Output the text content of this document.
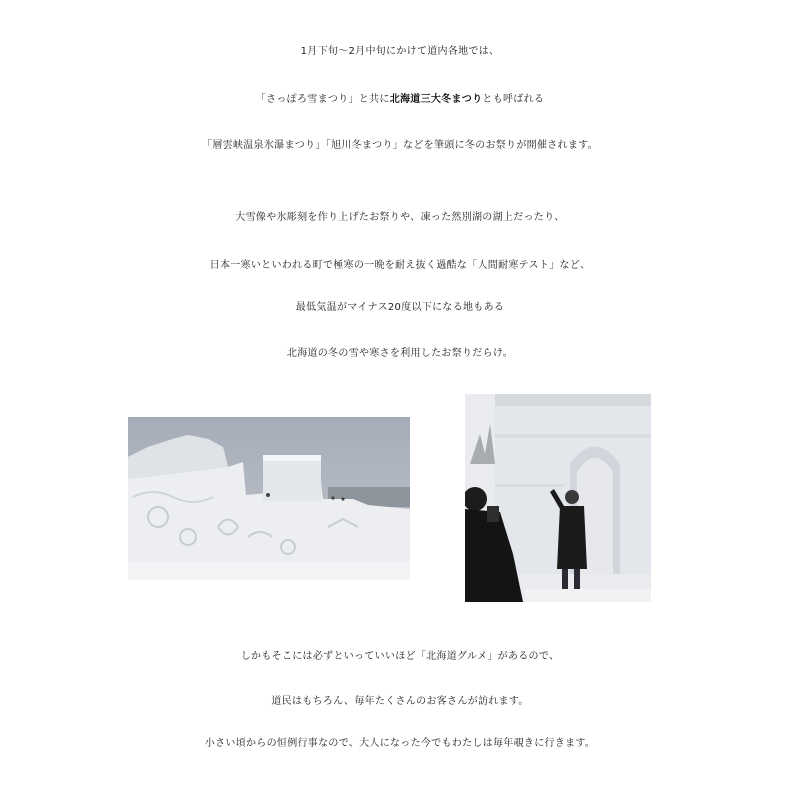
1月下旬～2月中旬にかけて道内各地では、
「さっぽろ雪まつり」と共に北海道三大冬まつりとも呼ばれる
「層雲峡温泉氷瀑まつり」「旭川冬まつり」などを筆頭に冬のお祭りが開催されます。
大雪像や氷彫刻を作り上げたお祭りや、凍った然別湖の湖上だったり、
日本一寒いといわれる町で極寒の一晩を耐え抜く過酷な「人間耐寒テスト」など、
最低気温がマイナス20度以下になる地もある
北海道の冬の雪や寒さを利用したお祭りだらけ。
しかもそこには必ずといっていいほど「北海道グルメ」があるので、
道民はもちろん、毎年たくさんのお客さんが訪れます。
小さい頃からの恒例行事なので、大人になった今でもわたしは毎年覗きに行きます。
